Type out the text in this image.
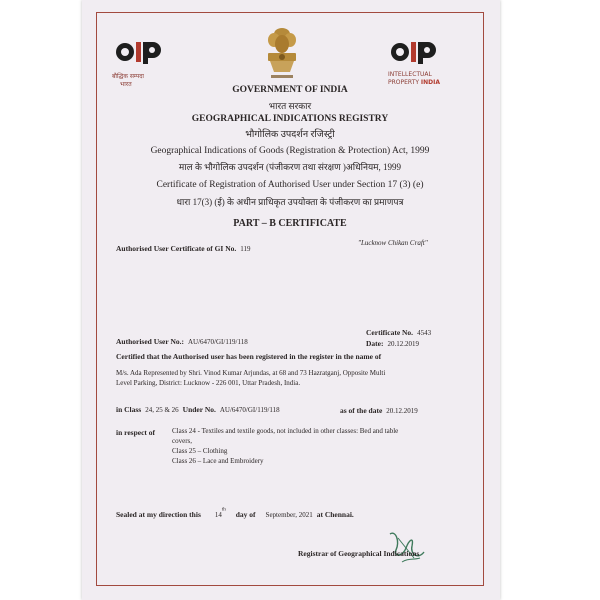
बौद्धिक सम्पदा
भारत
INTELLECTUAL
PROPERTY INDIA
GOVERNMENT OF INDIA
भारत सरकार
GEOGRAPHICAL INDICATIONS REGISTRY
भौगोलिक उपदर्शन रजिस्ट्री
Geographical Indications of Goods (Registration & Protection) Act, 1999
माल के भौगोलिक उपदर्शन (पंजीकरण तथा संरक्षण )अधिनियम, 1999
Certificate of Registration of Authorised User under Section 17 (3) (e)
धारा 17(3) (ई) के अधीन प्राधिकृत उपयोक्ता के पंजीकरण का प्रमाणपत्र
PART – B CERTIFICATE
Authorised User Certificate of GI No. 119
"Lucknow Chikan Craft"
Certificate No. 4543
Date: 20.12.2019
Authorised User No.: AU/6470/GI/119/118
Certified that the Authorised user has been registered in the register in the name of
M/s. Ada Represented by Shri. Vinod Kumar Arjundas, at 68 and 73 Hazratganj, Opposite Multi
Level Parking, District: Lucknow - 226 001, Uttar Pradesh, India.
in Class 24, 25 & 26 Under No. AU/6470/GI/119/118	as of the date 20.12.2019
in respect of Class 24 - Textiles and textile goods, not included in other classes: Bed and table
covers,
Class 25 – Clothing
Class 26 – Lace and Embroidery
Sealed at my direction this 14th day of September, 2021 at Chennai.
Registrar of Geographical Indications
